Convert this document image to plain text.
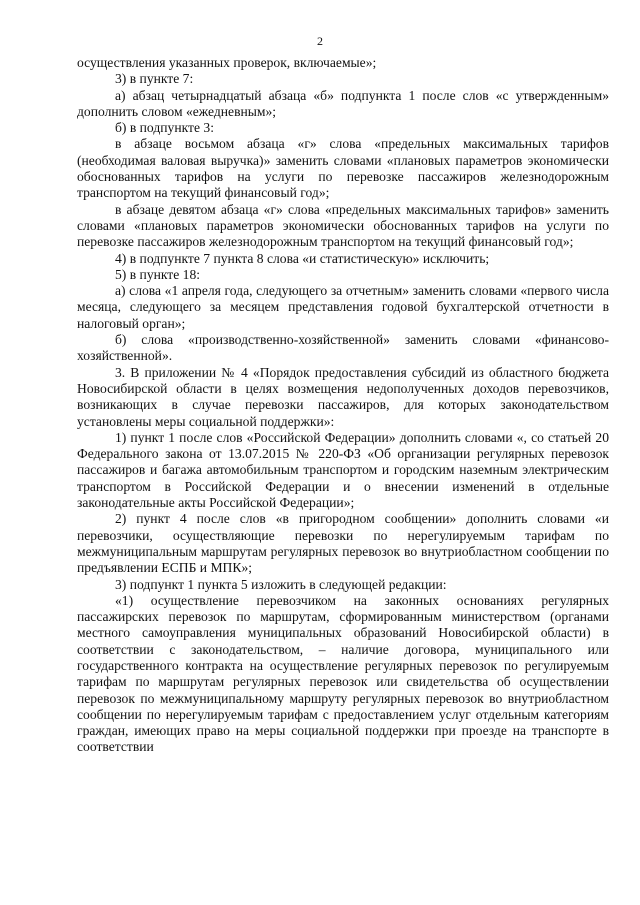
2

осуществления указанных проверок, включаемые»;

3) в пункте 7:

а) абзац четырнадцатый абзаца «б» подпункта 1 после слов «с утвержденным» дополнить словом «ежедневным»;

б) в подпункте 3:

в абзаце восьмом абзаца «г» слова «предельных максимальных тарифов (необходимая валовая выручка)» заменить словами «плановых параметров экономически обоснованных тарифов на услуги по перевозке пассажиров железнодорожным транспортом на текущий финансовый год»;

в абзаце девятом абзаца «г» слова «предельных максимальных тарифов» заменить словами «плановых параметров экономически обоснованных тарифов на услуги по перевозке пассажиров железнодорожным транспортом на текущий финансовый год»;

4) в подпункте 7 пункта 8 слова «и статистическую» исключить;

5) в пункте 18:

а) слова «1 апреля года, следующего за отчетным» заменить словами «первого числа месяца, следующего за месяцем представления годовой бухгалтерской отчетности в налоговый орган»;

б) слова «производственно-хозяйственной» заменить словами «финансово-хозяйственной».

3. В приложении № 4 «Порядок предоставления субсидий из областного бюджета Новосибирской области в целях возмещения недополученных доходов перевозчиков, возникающих в случае перевозки пассажиров, для которых законодательством установлены меры социальной поддержки»:

1) пункт 1 после слов «Российской Федерации» дополнить словами «, со статьей 20 Федерального закона от 13.07.2015 № 220-ФЗ «Об организации регулярных перевозок пассажиров и багажа автомобильным транспортом и городским наземным электрическим транспортом в Российской Федерации и о внесении изменений в отдельные законодательные акты Российской Федерации»;

2) пункт 4 после слов «в пригородном сообщении» дополнить словами «и перевозчики, осуществляющие перевозки по нерегулируемым тарифам по межмуниципальным маршрутам регулярных перевозок во внутриобластном сообщении по предъявлении ЕСПБ и МПК»;

3) подпункт 1 пункта 5 изложить в следующей редакции:

«1) осуществление перевозчиком на законных основаниях регулярных пассажирских перевозок по маршрутам, сформированным министерством (органами местного самоуправления муниципальных образований Новосибирской области) в соответствии с законодательством, – наличие договора, муниципального или государственного контракта на осуществление регулярных перевозок по регулируемым тарифам по маршрутам регулярных перевозок или свидетельства об осуществлении перевозок по межмуниципальному маршруту регулярных перевозок во внутриобластном сообщении по нерегулируемым тарифам с предоставлением услуг отдельным категориям граждан, имеющих право на меры социальной поддержки при проезде на транспорте в соответствии
